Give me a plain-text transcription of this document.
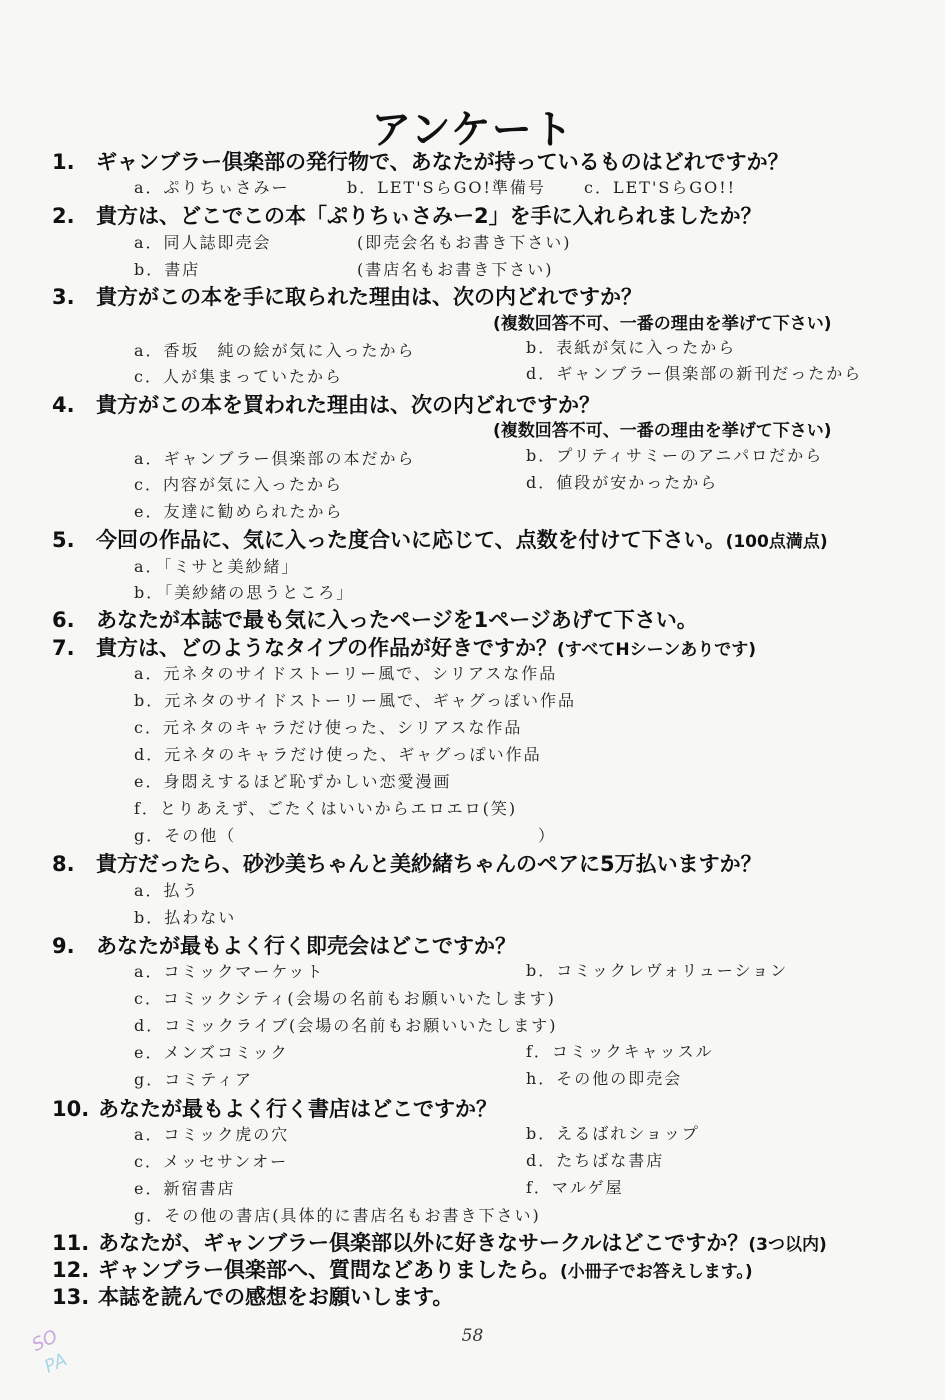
アンケート
1. ギャンブラー倶楽部の発行物で、あなたが持っているものはどれですか？
a．ぷりちぃさみー	b．LET'SらGO!準備号 c．LET'SらGO!!
2. 貴方は、どこでこの本「ぷりちぃさみー2」を手に入れられましたか？
a．同人誌即売会	(即売会名もお書き下さい)
b．書店	(書店名もお書き下さい)
3. 貴方がこの本を手に取られた理由は、次の内どれですか？
(複数回答不可、一番の理由を挙げて下さい)
a．香坂　純の絵が気に入ったから	b．表紙が気に入ったから
c．人が集まっていたから	d．ギャンブラー倶楽部の新刊だったから
4. 貴方がこの本を買われた理由は、次の内どれですか？
(複数回答不可、一番の理由を挙げて下さい)
a．ギャンブラー倶楽部の本だから	b．プリティサミーのアニパロだから
c．内容が気に入ったから	d．値段が安かったから
e．友達に勧められたから
5. 今回の作品に、気に入った度合いに応じて、点数を付けて下さい。(100点満点)
a．「ミサと美紗緒」
b．「美紗緒の思うところ」
6. あなたが本誌で最も気に入ったページを1ページあげて下さい。
7. 貴方は、どのようなタイプの作品が好きですか？(すべてHシーンありです)
a．元ネタのサイドストーリー風で、シリアスな作品
b．元ネタのサイドストーリー風で、ギャグっぽい作品
c．元ネタのキャラだけ使った、シリアスな作品
d．元ネタのキャラだけ使った、ギャグっぽい作品
e．身悶えするほど恥ずかしい恋愛漫画
f．とりあえず、ごたくはいいからエロエロ(笑)
g．その他（	）
8. 貴方だったら、砂沙美ちゃんと美紗緒ちゃんのペアに5万払いますか？
a．払う
b．払わない
9. あなたが最もよく行く即売会はどこですか？
a．コミックマーケット	b．コミックレヴォリューション
c．コミックシティ(会場の名前もお願いいたします)
d．コミックライブ(会場の名前もお願いいたします)
e．メンズコミック	f．コミックキャッスル
g．コミティア	h．その他の即売会
10. あなたが最もよく行く書店はどこですか？
a．コミック虎の穴	b．えるばれショップ
c．メッセサンオー	d．たちばな書店
e．新宿書店	f．マルゲ屋
g．その他の書店(具体的に書店名もお書き下さい)
11. あなたが、ギャンブラー倶楽部以外に好きなサークルはどこですか？(3つ以内)
12. ギャンブラー倶楽部へ、質問などありましたら。(小冊子でお答えします。)
13. 本誌を読んでの感想をお願いします。
58
SO
PA
